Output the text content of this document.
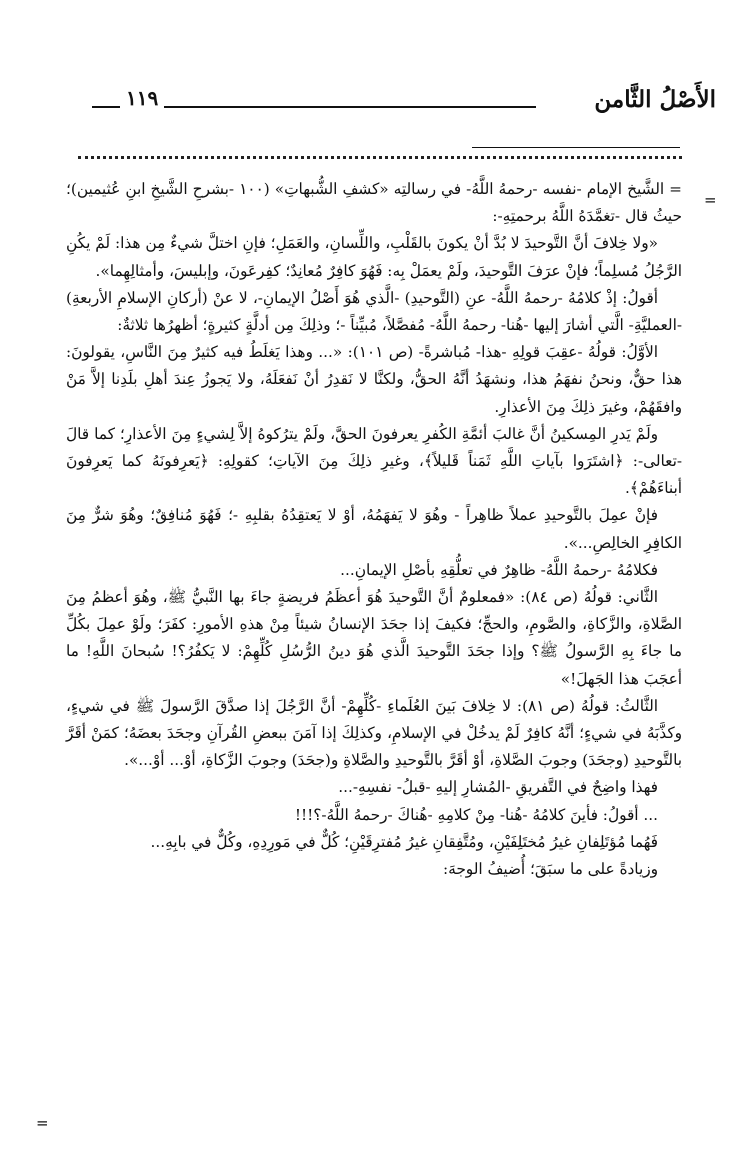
الأَصْلُ الثَّامن
١١٩
=

= الشَّيخ الإمام -نفسه -رحمهُ اللَّهُ- في رسالتِه «كشفِ الشُّبهاتِ» (١٠٠ -بشرحِ الشَّيخِ ابنِ عُثيمين)؛ حيثُ قال -تغمَّدَهُ اللَّهُ برحمتِهِ-:

«ولا خِلافَ أنَّ التَّوحيدَ لا بُدَّ أنْ يكونَ بالقَلْبِ، واللِّسانِ، والعَمَلِ؛ فإنِ اختلَّ شيءٌ مِن هذا: لَمْ يكُنِ الرَّجُلُ مُسلِماً؛ فإنْ عرَفَ التَّوحيدَ، ولَمْ يعمَلْ بِه: فَهُوَ كافِرٌ مُعانِدٌ؛ كفِرعَونَ، وإبليسَ، وأمثالِهِما».

أقولُ: إذْ كلامُهُ -رحمهُ اللَّهُ- عنِ (التَّوحيدِ) -الَّذي هُوَ أَصْلُ الإيمانِ-، لا عنْ (أركانِ الإسلامِ الأربعةِ) -العمليَّةِ- الَّتي أشارَ إليها -هُنا- رحمهُ اللَّهُ- مُفصَّلاً، مُبيِّناً -؛ وذلِكَ مِن أدلَّةٍ كثيرةٍ؛ أظهرُها ثلاثةٌ:

الأوَّلُ: قولُهُ -عقِبَ قولِهِ -هذا- مُباشرةً- (ص ١٠١): «... وهذا يَغلَطُ فيه كثيرٌ مِنَ النَّاسِ، يقولونَ: هذا حقٌّ، ونحنُ نفهَمُ هذا، ونشهَدُ أنَّهُ الحقُّ، ولكنَّا لا نَقدِرُ أنْ نَفعَلَهُ، ولا يَجوزُ عِندَ أهلِ بلَدِنا إلاَّ مَنْ وافقَهُمْ، وغيرَ ذلِكَ مِنَ الأعذارِ.

ولَمْ يَدرِ المِسكينُ أنَّ غالبَ أئمَّةِ الكُفرِ يعرفونَ الحقَّ، ولَمْ يترُكوهُ إلاَّ لِشيءٍ مِنَ الأعذارِ؛ كما قالَ -تعالى-: ﴿اشتَرَوا بآياتِ اللَّهِ ثَمَناً قَليلاً﴾، وغيرِ ذلِكَ مِنَ الآياتِ؛ كقولِهِ: ﴿يَعرِفونَهُ كما يَعرِفونَ أبناءَهُمْ﴾.

فإنْ عمِلَ بالتَّوحيدِ عملاً ظاهِراً - وهُوَ لا يَفهَمُهُ، أوْ لا يَعتقِدُهُ بقلبِهِ -؛ فَهُوَ مُنافِقٌ؛ وهُوَ شرٌّ مِنَ الكافِرِ الخالِصِ...».

فكلامُهُ -رحمهُ اللَّهُ- ظاهِرٌ في تعلُّقِهِ بأصْلِ الإيمانِ...

الثَّاني: قولُهُ (ص ٨٤): «فمعلومٌ أنَّ التَّوحيدَ هُوَ أعظَمُ فريضةٍ جاءَ بها النَّبيُّ ﷺ، وهُوَ أعظمُ مِنَ الصَّلاةِ، والزَّكاةِ، والصَّومِ، والحجِّ؛ فكيفَ إذا جحَدَ الإنسانُ شيئاً مِنْ هذهِ الأمورِ: كفَرَ؛ ولَوْ عمِلَ بكُلِّ ما جاءَ بِهِ الرَّسولُ ﷺ؟ وإذا جحَدَ التَّوحيدَ الَّذي هُوَ دينُ الرُّسُلِ كُلِّهِمْ: لا يَكفُرُ؟! سُبحانَ اللَّهِ! ما أعجَبَ هذا الجَهلَ!»

الثَّالثُ: قولُهُ (ص ٨١): لا خِلافَ بَينَ العُلَماءِ -كُلِّهِمْ- أنَّ الرَّجُلَ إذا صدَّقَ الرَّسولَ ﷺ في شيءٍ، وكذَّبَهُ في شيءٍ؛ أنَّهُ كافِرٌ لَمْ يدخُلْ في الإسلامِ، وكذلِكَ إذا آمَنَ ببعضِ القُرآنِ وجحَدَ بعضَهُ؛ كمَنْ أقَرَّ بالتَّوحيدِ (وجحَدَ) وجوبَ الصَّلاةِ، أوْ أقَرَّ بالتَّوحيدِ والصَّلاةِ و(جحَدَ) وجوبَ الزَّكاةِ، أوْ... أوْ...».

فهذا واضِحٌ في التَّفريقِ -المُشارِ إليهِ -قبلُ- نفسِهِ-...

... أقولُ: فأينَ كلامُهُ -هُنا- مِنْ كلامِهِ -هُناكَ -رحمهُ اللَّهُ-؟!!!

فَهُما مُؤتَلِفانِ غيرُ مُختَلِفَيْنِ، ومُتَّفِقانِ غيرُ مُفترِقَيْنِ؛ كُلٌّ في مَورِدِهِ، وكُلٌّ في بابِهِ...

وزيادةً على ما سبَقَ؛ أُضيفُ الوجهَ:

=
